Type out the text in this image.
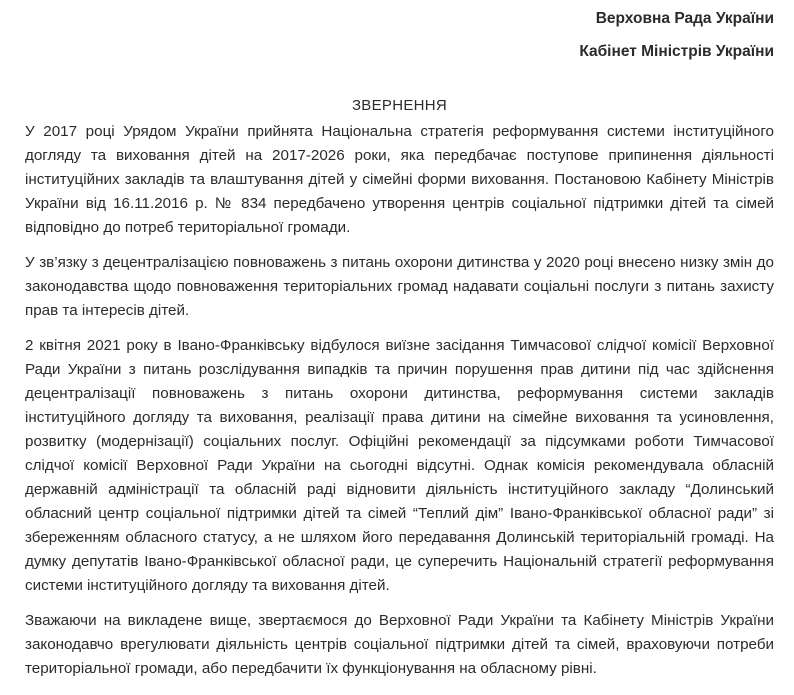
Верховна Рада України

Кабінет Міністрів України

ЗВЕРНЕННЯ

У 2017 році Урядом України прийнята Національна стратегія реформування системи інституційного догляду та виховання дітей на 2017-2026 роки, яка передбачає поступове припинення діяльності інституційних закладів та влаштування дітей у сімейні форми виховання. Постановою Кабінету Міністрів України від 16.11.2016 р. № 834 передбачено утворення центрів соціальної підтримки дітей та сімей відповідно до потреб територіальної громади.

У зв’язку з децентралізацією повноважень з питань охорони дитинства у 2020 році внесено низку змін до законодавства щодо повноваження територіальних громад надавати соціальні послуги з питань захисту прав та інтересів дітей.

2 квітня 2021 року в Івано-Франківську відбулося виїзне засідання Тимчасової слідчої комісії Верховної Ради України з питань розслідування випадків та причин порушення прав дитини під час здійснення децентралізації повноважень з питань охорони дитинства, реформування системи закладів інституційного догляду та виховання, реалізації права дитини на сімейне виховання та усиновлення, розвитку (модернізації) соціальних послуг. Офіційні рекомендації за підсумками роботи Тимчасової слідчої комісії Верховної Ради України на сьогодні відсутні. Однак комісія рекомендувала обласній державній адміністрації та обласній раді відновити діяльність інституційного закладу “Долинський обласний центр соціальної підтримки дітей та сімей “Теплий дім” Івано-Франківської обласної ради” зі збереженням обласного статусу, а не шляхом його передавання Долинській територіальній громаді. На думку депутатів Івано-Франківської обласної ради, це суперечить Національній стратегії реформування системи інституційного догляду та виховання дітей.

Зважаючи на викладене вище, звертаємося до Верховної Ради України та Кабінету Міністрів України законодавчо врегулювати діяльність центрів соціальної підтримки дітей та сімей, враховуючи потреби територіальної громади, або передбачити їх функціонування на обласному рівні.
